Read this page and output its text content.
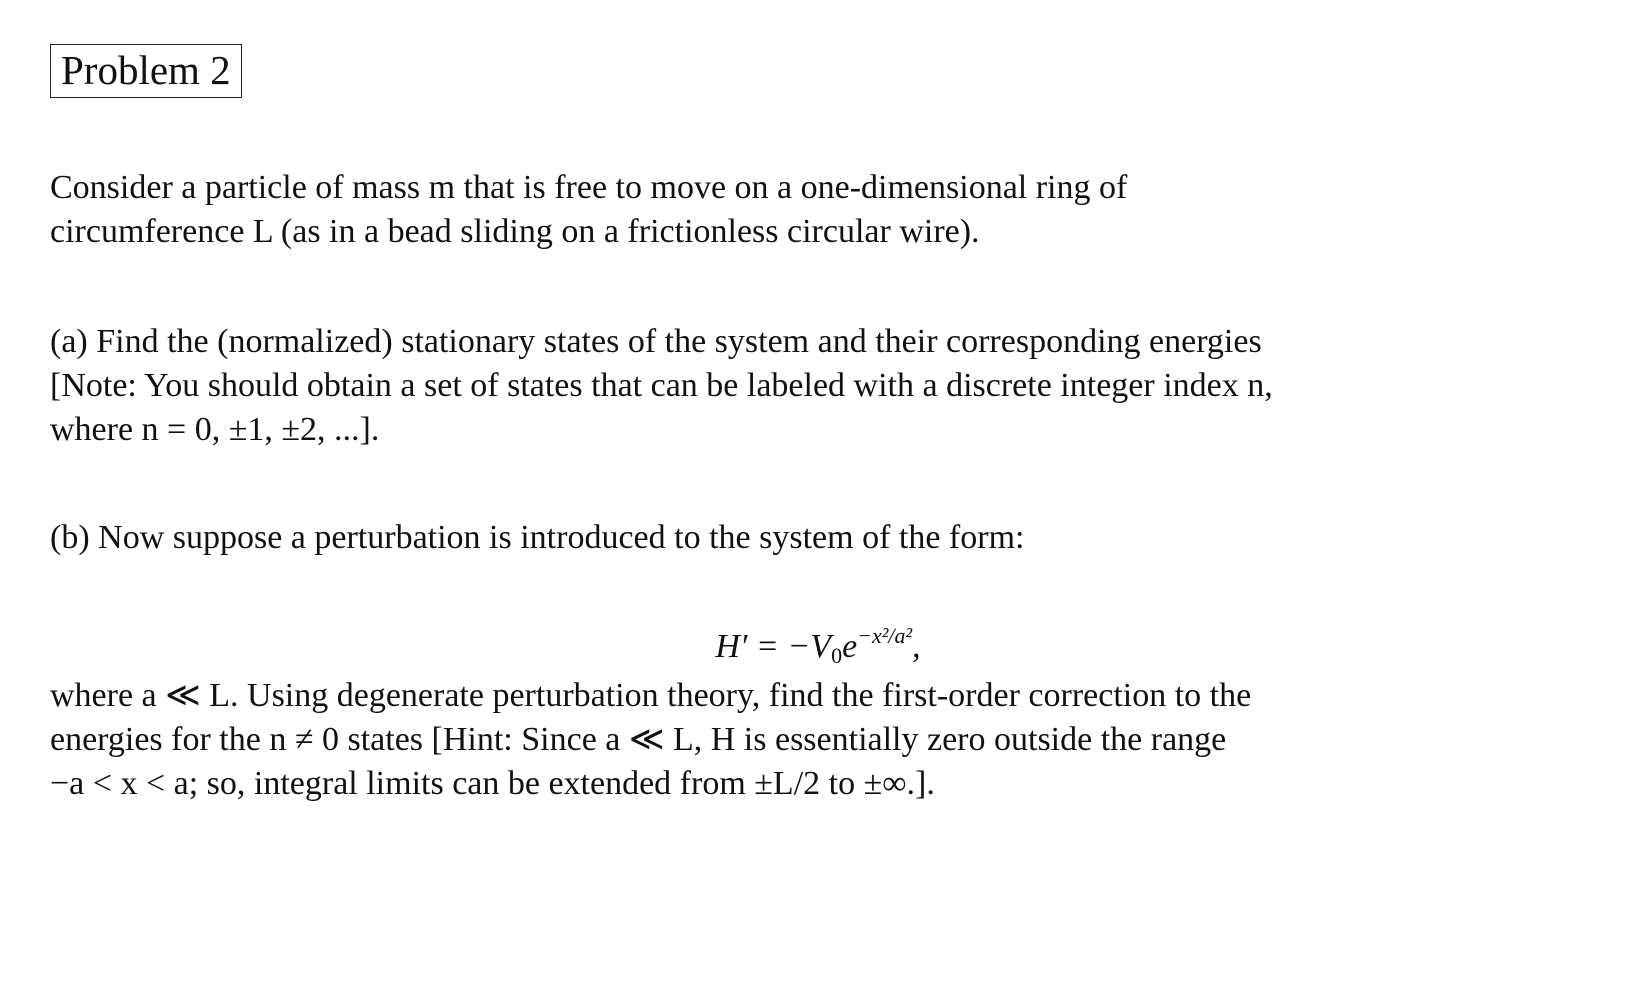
Problem 2
Consider a particle of mass m that is free to move on a one-dimensional ring of
circumference L (as in a bead sliding on a frictionless circular wire).
(a) Find the (normalized) stationary states of the system and their corresponding energies
[Note: You should obtain a set of states that can be labeled with a discrete integer index n,
where n = 0, ±1, ±2, ...].
(b) Now suppose a perturbation is introduced to the system of the form:
$H' = -V_0e^{-x^2/a^2}$,
where a ≪ L. Using degenerate perturbation theory, find the first-order correction to the
energies for the n ≠ 0 states [Hint: Since a ≪ L, H is essentially zero outside the range
−a < x < a; so, integral limits can be extended from ±L/2 to ±∞.].
